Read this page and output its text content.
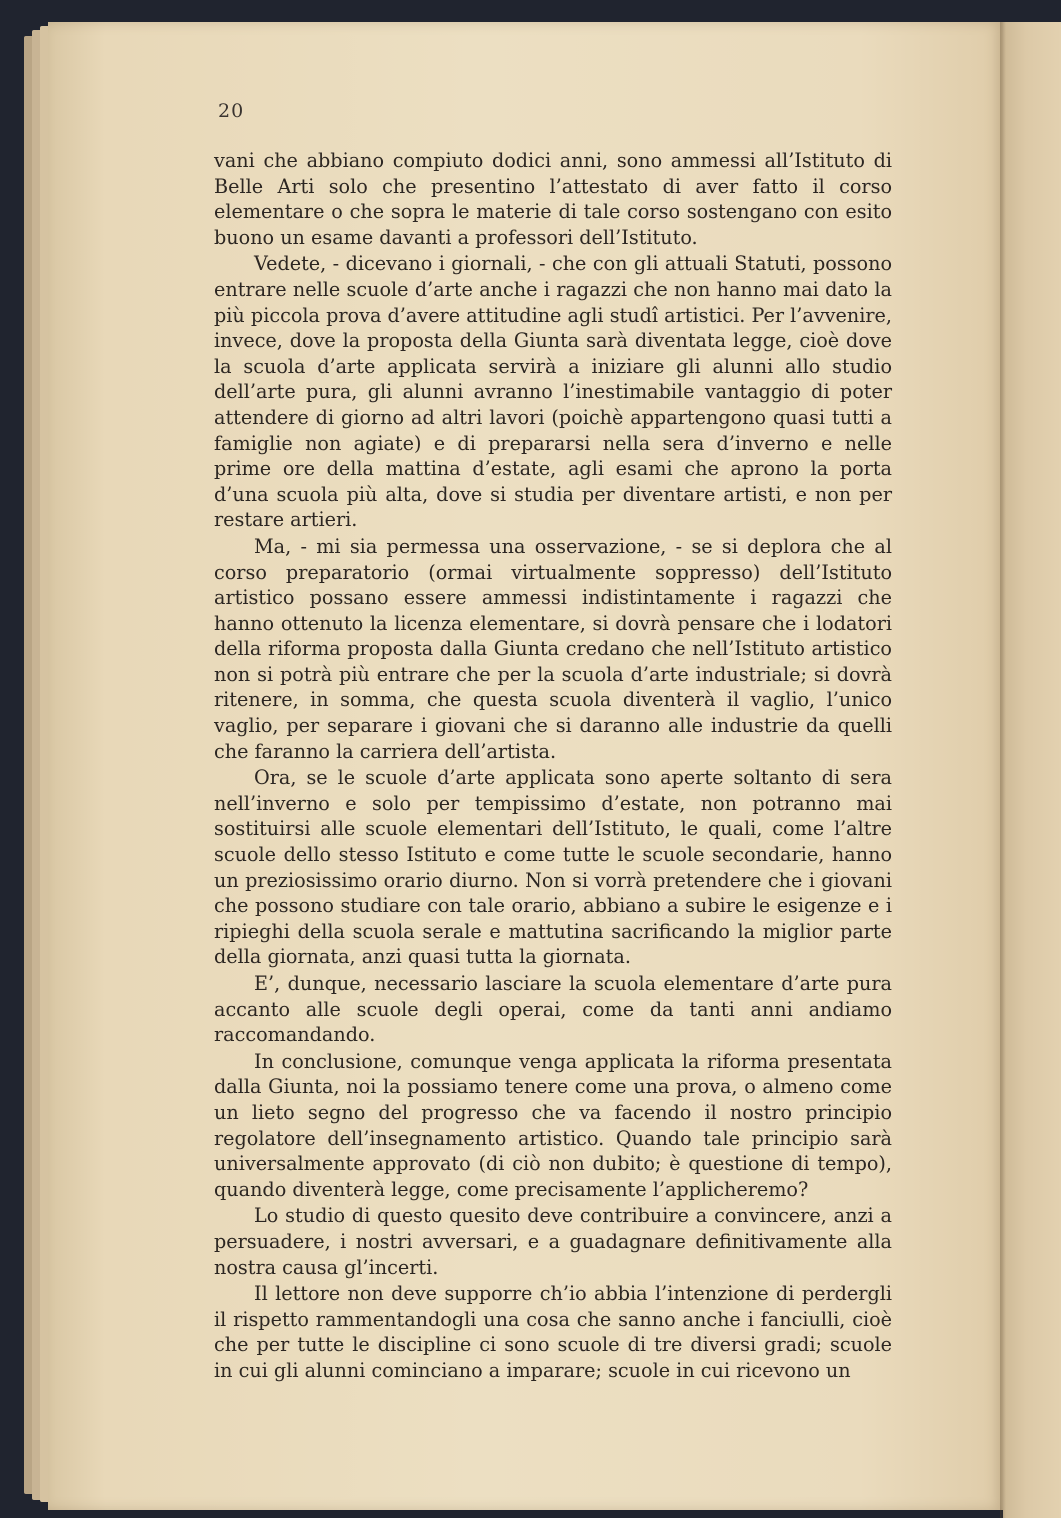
20

vani che abbiano compiuto dodici anni, sono ammessi all’Istituto di Belle Arti solo che presentino l’attestato di aver fatto il corso elementare o che sopra le materie di tale corso sostengano con esito buono un esame davanti a professori dell’Istituto.

Vedete, - dicevano i giornali, - che con gli attuali Statuti, possono entrare nelle scuole d’arte anche i ragazzi che non hanno mai dato la più piccola prova d’avere attitudine agli studî artistici. Per l’avvenire, invece, dove la proposta della Giunta sarà diventata legge, cioè dove la scuola d’arte applicata servirà a iniziare gli alunni allo studio dell’arte pura, gli alunni avranno l’inestimabile vantaggio di poter attendere di giorno ad altri lavori (poichè appartengono quasi tutti a famiglie non agiate) e di prepararsi nella sera d’inverno e nelle prime ore della mattina d’estate, agli esami che aprono la porta d’una scuola più alta, dove si studia per diventare artisti, e non per restare artieri.

Ma, - mi sia permessa una osservazione, - se si deplora che al corso preparatorio (ormai virtualmente soppresso) dell’Istituto artistico possano essere ammessi indistintamente i ragazzi che hanno ottenuto la licenza elementare, si dovrà pensare che i lodatori della riforma proposta dalla Giunta credano che nell’Istituto artistico non si potrà più entrare che per la scuola d’arte industriale; si dovrà ritenere, in somma, che questa scuola diventerà il vaglio, l’unico vaglio, per separare i giovani che si daranno alle industrie da quelli che faranno la carriera dell’artista.

Ora, se le scuole d’arte applicata sono aperte soltanto di sera nell’inverno e solo per tempissimo d’estate, non potranno mai sostituirsi alle scuole elementari dell’Istituto, le quali, come l’altre scuole dello stesso Istituto e come tutte le scuole secondarie, hanno un preziosissimo orario diurno. Non si vorrà pretendere che i giovani che possono studiare con tale orario, abbiano a subire le esigenze e i ripieghi della scuola serale e mattutina sacrificando la miglior parte della giornata, anzi quasi tutta la giornata.

E’, dunque, necessario lasciare la scuola elementare d’arte pura accanto alle scuole degli operai, come da tanti anni andiamo raccomandando.

In conclusione, comunque venga applicata la riforma presentata dalla Giunta, noi la possiamo tenere come una prova, o almeno come un lieto segno del progresso che va facendo il nostro principio regolatore dell’insegnamento artistico. Quando tale principio sarà universalmente approvato (di ciò non dubito; è questione di tempo), quando diventerà legge, come precisamente l’applicheremo?

Lo studio di questo quesito deve contribuire a convincere, anzi a persuadere, i nostri avversari, e a guadagnare definitivamente alla nostra causa gl’incerti.

Il lettore non deve supporre ch’io abbia l’intenzione di perdergli il rispetto rammentandogli una cosa che sanno anche i fanciulli, cioè che per tutte le discipline ci sono scuole di tre diversi gradi; scuole in cui gli alunni cominciano a imparare; scuole in cui ricevono un
